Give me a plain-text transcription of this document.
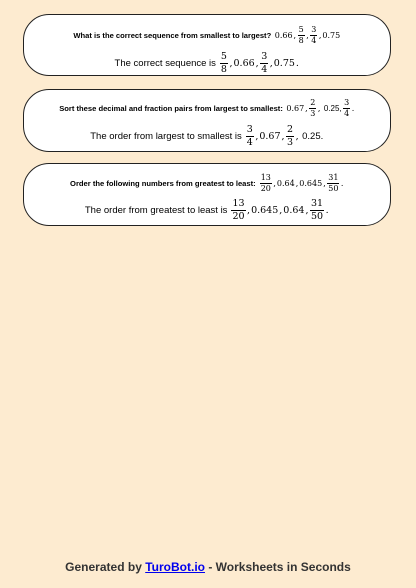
What is the correct sequence from smallest to largest? 0.66 , $\frac{5}{8}$ , $\frac{3}{4}$ , 0.75
The correct sequence is $\frac{5}{8}$ , 0.66 , $\frac{3}{4}$ , 0.75 .
Sort these decimal and fraction pairs from largest to smallest: 0.67 , $\frac{2}{3}$ , 0.25, $\frac{3}{4}$ .
The order from largest to smallest is $\frac{3}{4}$ , 0.67 , $\frac{2}{3}$ , 0.25.
Order the following numbers from greatest to least: $\frac{13}{20}$ , 0.64 , 0.645 , $\frac{31}{50}$ .
The order from greatest to least is $\frac{13}{20}$ , 0.645 , 0.64 , $\frac{31}{50}$ .
Generated by TuroBot.io - Worksheets in Seconds
